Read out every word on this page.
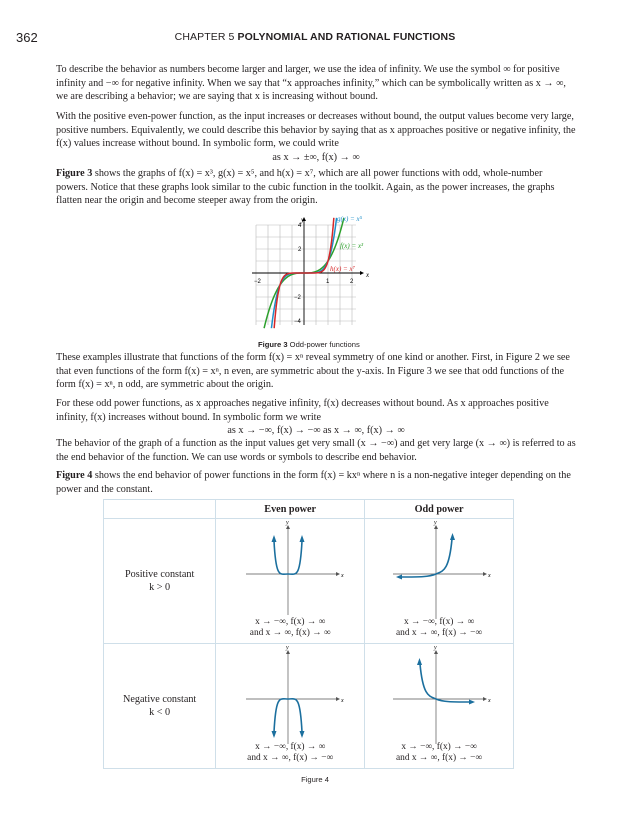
362	CHAPTER 5 POLYNOMIAL AND RATIONAL FUNCTIONS

To describe the behavior as numbers become larger and larger, we use the idea of infinity. We use the symbol ∞ for positive infinity and −∞ for negative infinity. When we say that “x approaches infinity,” which can be symbolically written as x → ∞, we are describing a behavior; we are saying that x is increasing without bound.

With the positive even-power function, as the input increases or decreases without bound, the output values become very large, positive numbers. Equivalently, we could describe this behavior by saying that as x approaches positive or negative infinity, the f(x) values increase without bound. In symbolic form, we could write

as x → ±∞, f(x) → ∞

Figure 3 shows the graphs of f(x) = x³, g(x) = x⁵, and h(x) = x⁷, which are all power functions with odd, whole-number powers. Notice that these graphs look similar to the cubic function in the toolkit. Again, as the power increases, the graphs flatten near the origin and become steeper away from the origin.

x
y
−2	1	2
4
2
−2
−4
g(x) = x⁵
f(x) = x³
h(x) = x⁷
Figure 3 Odd-power functions

These examples illustrate that functions of the form f(x) = xⁿ reveal symmetry of one kind or another. First, in Figure 2 we see that even functions of the form f(x) = xⁿ, n even, are symmetric about the y-axis. In Figure 3 we see that odd functions of the form f(x) = xⁿ, n odd, are symmetric about the origin.

For these odd power functions, as x approaches negative infinity, f(x) decreases without bound. As x approaches positive infinity, f(x) increases without bound. In symbolic form we write

as x → −∞, f(x) → −∞ as x → ∞, f(x) → ∞

The behavior of the graph of a function as the input values get very small (x → −∞) and get very large (x → ∞) is referred to as the end behavior of the function. We can use words or symbols to describe end behavior.

Figure 4 shows the end behavior of power functions in the form f(x) = kxⁿ where n is a non-negative integer depending on the power and the constant.

	Even power	Odd power
Positive constant
k > 0	x
y
x → −∞, f(x) → ∞
and x → ∞, f(x) → ∞	x
y
x → −∞, f(x) → ∞
and x → ∞, f(x) → −∞

Negative constant
k < 0	x
y
x → −∞, f(x) → ∞
and x → ∞, f(x) → −∞	x
y
x → −∞, f(x) → −∞
and x → ∞, f(x) → −∞
Figure 4
